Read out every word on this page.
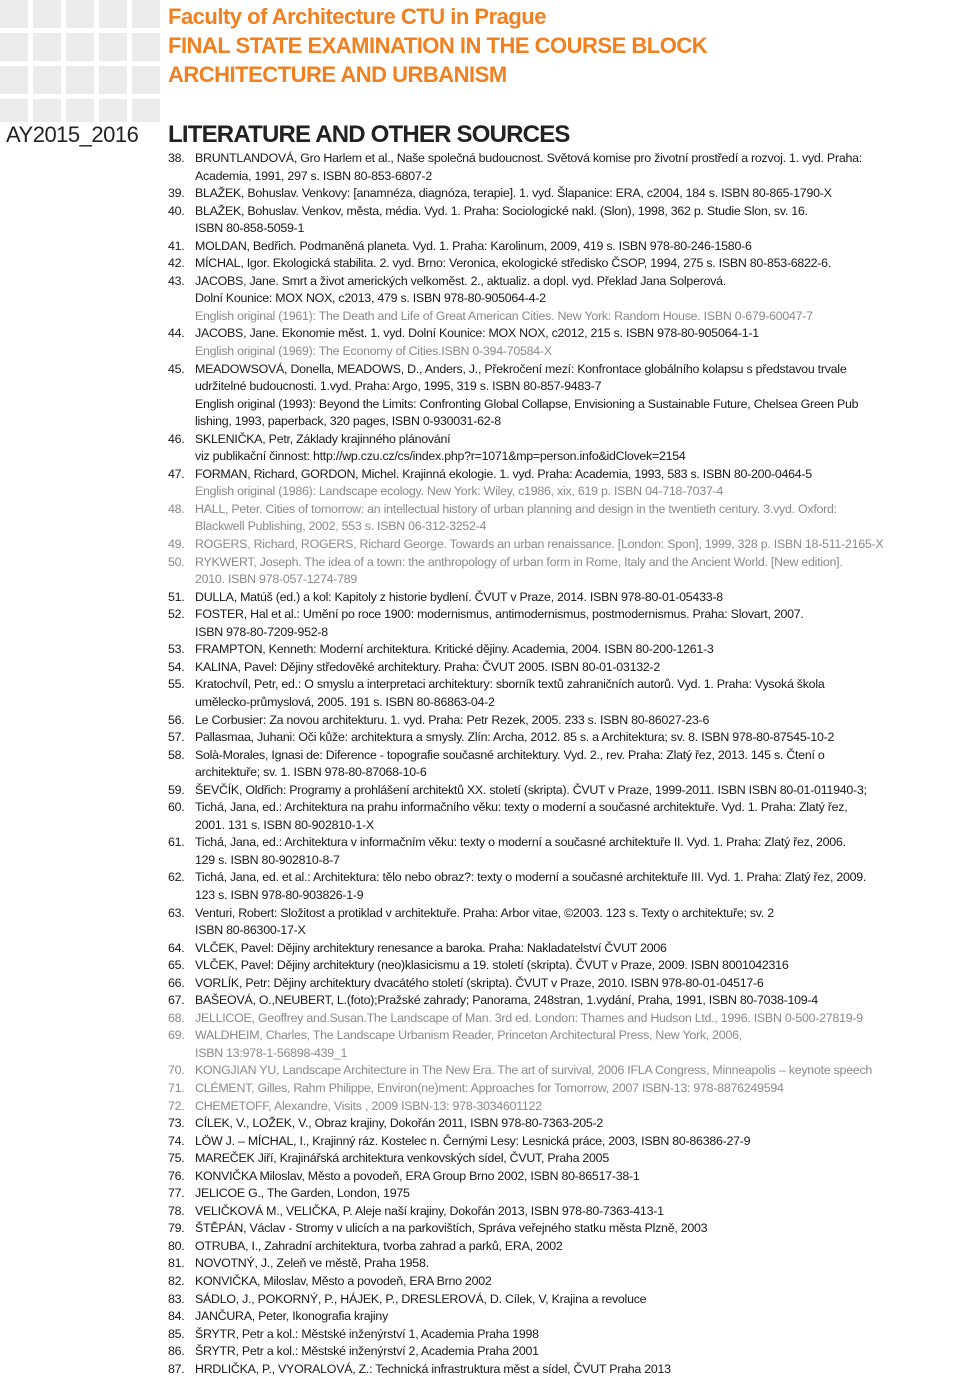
Faculty of Architecture CTU in Prague
FINAL STATE EXAMINATION IN THE COURSE BLOCK
ARCHITECTURE AND URBANISM
AY2015_2016 LITERATURE AND OTHER SOURCES
38. BRUNTLANDOVÁ, Gro Harlem et al., Naše společná budoucnost. Světová komise pro životní prostředí a rozvoj. 1. vyd. Praha:
Academia, 1991, 297 s. ISBN 80-853-6807-2
39. BLAŽEK, Bohuslav. Venkovy: [anamnéza, diagnóza, terapie]. 1. vyd. Šlapanice: ERA, c2004, 184 s. ISBN 80-865-1790-X
40. BLAŽEK, Bohuslav. Venkov, města, média. Vyd. 1. Praha: Sociologické nakl. (Slon), 1998, 362 p. Studie Slon, sv. 16.
ISBN 80-858-5059-1
41. MOLDAN, Bedřich. Podmaněná planeta. Vyd. 1. Praha: Karolinum, 2009, 419 s. ISBN 978-80-246-1580-6
42. MÍCHAL, Igor. Ekologická stabilita. 2. vyd. Brno: Veronica, ekologické středisko ČSOP, 1994, 275 s. ISBN 80-853-6822-6.
43. JACOBS, Jane. Smrt a život amerických velkoměst. 2., aktualiz. a dopl. vyd. Překlad Jana Solperová.
Dolní Kounice: MOX NOX, c2013, 479 s. ISBN 978-80-905064-4-2
English original (1961): The Death and Life of Great American Cities. New York: Random House. ISBN 0-679-60047-7
44. JACOBS, Jane. Ekonomie měst. 1. vyd. Dolní Kounice: MOX NOX, c2012, 215 s. ISBN 978-80-905064-1-1
English original (1969): The Economy of Cities.ISBN 0-394-70584-X
45. MEADOWSOVÁ, Donella, MEADOWS, D., Anders, J., Překročení mezí: Konfrontace globálního kolapsu s představou trvale
udržitelné budoucnosti. 1.vyd. Praha: Argo, 1995, 319 s. ISBN 80-857-9483-7
English original (1993): Beyond the Limits: Confronting Global Collapse, Envisioning a Sustainable Future, Chelsea Green Pub
lishing, 1993, paperback, 320 pages, ISBN 0-930031-62-8
46. SKLENIČKA, Petr, Základy krajinného plánování
viz publikační činnost: http://wp.czu.cz/cs/index.php?r=1071&mp=person.info&idClovek=2154
47. FORMAN, Richard, GORDON, Michel. Krajinná ekologie. 1. vyd. Praha: Academia, 1993, 583 s. ISBN 80-200-0464-5
English original (1986): Landscape ecology. New York: Wiley, c1986, xix, 619 p. ISBN 04-718-7037-4
48. HALL, Peter. Cities of tomorrow: an intellectual history of urban planning and design in the twentieth century. 3.vyd. Oxford:
Blackwell Publishing, 2002, 553 s. ISBN 06-312-3252-4
49. ROGERS, Richard, ROGERS, Richard George. Towards an urban renaissance. [London: Spon], 1999, 328 p. ISBN 18-511-2165-X
50. RYKWERT, Joseph. The idea of a town: the anthropology of urban form in Rome, Italy and the Ancient World. [New edition].
2010. ISBN 978-057-1274-789
51. DULLA, Matúš (ed.) a kol: Kapitoly z historie bydlení. ČVUT v Praze, 2014. ISBN 978-80-01-05433-8
52. FOSTER, Hal et al.: Umění po roce 1900: modernismus, antimodernismus, postmodernismus. Praha: Slovart, 2007.
ISBN 978-80-7209-952-8
53. FRAMPTON, Kenneth: Moderní architektura. Kritické dějiny. Academia, 2004. ISBN 80-200-1261-3
54. KALINA, Pavel: Dějiny středověké architektury. Praha: ČVUT 2005. ISBN 80-01-03132-2
55. Kratochvíl, Petr, ed.: O smyslu a interpretaci architektury: sborník textů zahraničních autorů. Vyd. 1. Praha: Vysoká škola
umělecko-průmyslová, 2005. 191 s. ISBN 80-86863-04-2
56. Le Corbusier: Za novou architekturu. 1. vyd. Praha: Petr Rezek, 2005. 233 s. ISBN 80-86027-23-6
57. Pallasmaa, Juhani: Oči kůže: architektura a smysly. Zlín: Archa, 2012. 85 s. a Architektura; sv. 8. ISBN 978-80-87545-10-2
58. Solà-Morales, Ignasi de: Diference - topografie současné architektury. Vyd. 2., rev. Praha: Zlatý řez, 2013. 145 s. Čtení o
architektuře; sv. 1. ISBN 978-80-87068-10-6
59. ŠEVČÍK, Oldřich: Programy a prohlášení architektů XX. století (skripta). ČVUT v Praze, 1999-2011. ISBN ISBN 80-01-011940-3;
60. Tichá, Jana, ed.: Architektura na prahu informačního věku: texty o moderní a současné architektuře. Vyd. 1. Praha: Zlatý řez,
2001. 131 s. ISBN 80-902810-1-X
61. Tichá, Jana, ed.: Architektura v informačním věku: texty o moderní a současné architektuře II. Vyd. 1. Praha: Zlatý řez, 2006.
129 s. ISBN 80-902810-8-7
62. Tichá, Jana, ed. et al.: Architektura: tělo nebo obraz?: texty o moderní a současné architektuře III. Vyd. 1. Praha: Zlatý řez, 2009.
123 s. ISBN 978-80-903826-1-9
63. Venturi, Robert: Složitost a protiklad v architektuře. Praha: Arbor vitae, ©2003. 123 s. Texty o architektuře; sv. 2
ISBN 80-86300-17-X
64. VLČEK, Pavel: Dějiny architektury renesance a baroka. Praha: Nakladatelství ČVUT 2006
65. VLČEK, Pavel: Dějiny architektury (neo)klasicismu a 19. století (skripta). ČVUT v Praze, 2009. ISBN 8001042316
66. VORLÍK, Petr: Dějiny architektury dvacátého století (skripta). ČVUT v Praze, 2010. ISBN 978-80-01-04517-6
67. BAŠEOVÁ, O.,NEUBERT, L.(foto);Pražské zahrady; Panorama, 248stran, 1.vydání, Praha, 1991, ISBN 80-7038-109-4
68. JELLICOE, Geoffrey and.Susan.The Landscape of Man. 3rd ed. London: Thames and Hudson Ltd., 1996. ISBN 0-500-27819-9
69. WALDHEIM, Charles, The Landscape Urbanism Reader, Princeton Architectural Press, New York, 2006,
ISBN 13:978-1-56898-439_1
70. KONGJIAN YU, Landscape Architecture in The New Era. The art of survival, 2006 IFLA Congress, Minneapolis – keynote speech
71. CLÉMENT, Gilles, Rahm Philippe, Environ(ne)ment: Approaches for Tomorrow, 2007 ISBN-13: 978-8876249594
72. CHEMETOFF, Alexandre, Visits , 2009 ISBN-13: 978-3034601122
73. CÍLEK, V., LOŽEK, V., Obraz krajiny, Dokořán 2011, ISBN 978-80-7363-205-2
74. LÖW J. – MÍCHAL, I., Krajinný ráz. Kostelec n. Černými Lesy: Lesnická práce, 2003, ISBN 80-86386-27-9
75. MAREČEK Jiří, Krajinářská architektura venkovských sídel, ČVUT, Praha 2005
76. KONVIČKA Miloslav, Město a povodeň, ERA Group Brno 2002, ISBN 80-86517-38-1
77. JELICOE G., The Garden, London, 1975
78. VELIČKOVÁ M., VELIČKA, P. Aleje naší krajiny, Dokořán 2013, ISBN 978-80-7363-413-1
79. ŠTĚPÁN, Václav - Stromy v ulicích a na parkovištích, Správa veřejného statku města Plzně, 2003
80. OTRUBA, I., Zahradní architektura, tvorba zahrad a parků, ERA, 2002
81. NOVOTNÝ, J., Zeleň ve městě, Praha 1958.
82. KONVIČKA, Miloslav, Město a povodeň, ERA Brno 2002
83. SÁDLO, J., POKORNÝ, P., HÁJEK, P., DRESLEROVÁ, D. Cílek, V, Krajina a revoluce
84. JANČURA, Peter, Ikonografia krajiny
85. ŠRYTR, Petr a kol.: Městské inženýrství 1, Academia Praha 1998
86. ŠRYTR, Petr a kol.: Městské inženýrství 2, Academia Praha 2001
87. HRDLIČKA, P., VYORALOVÁ, Z.: Technická infrastruktura měst a sídel, ČVUT Praha 2013
